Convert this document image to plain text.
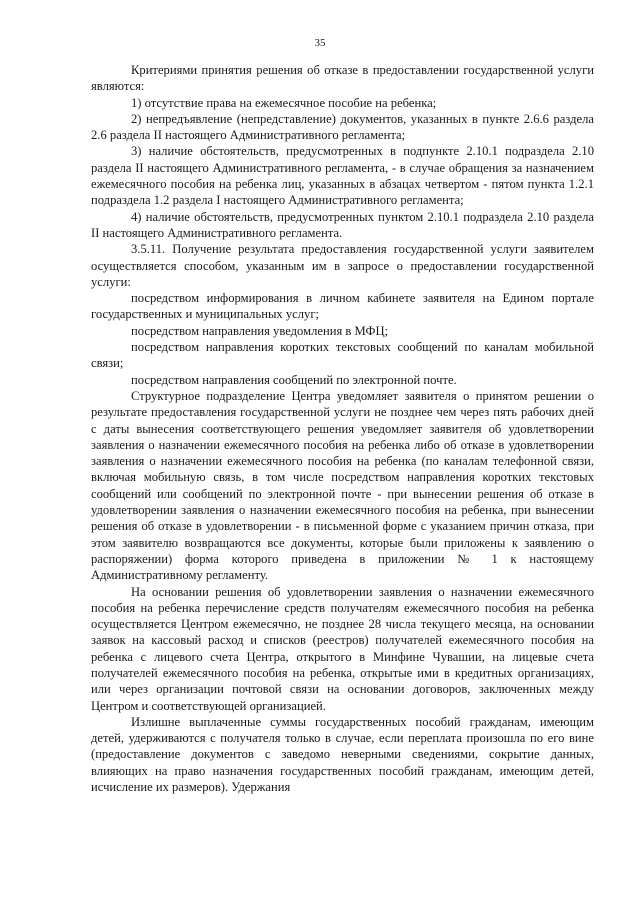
35

Критериями принятия решения об отказе в предоставлении государственной услуги являются:

1) отсутствие права на ежемесячное пособие на ребенка;

2) непредъявление (непредставление) документов, указанных в пункте 2.6.6 раздела 2.6 раздела II настоящего Административного регламента;

3) наличие обстоятельств, предусмотренных в подпункте 2.10.1 подраздела 2.10 раздела II настоящего Административного регламента, - в случае обращения за назначением ежемесячного пособия на ребенка лиц, указанных в абзацах четвертом - пятом пункта 1.2.1 подраздела 1.2 раздела I настоящего Административного регламента;

4) наличие обстоятельств, предусмотренных пунктом 2.10.1 подраздела 2.10 раздела II настоящего Административного регламента.

3.5.11. Получение результата предоставления государственной услуги заявителем осуществляется способом, указанным им в запросе о предоставлении государственной услуги:

посредством информирования в личном кабинете заявителя на Едином портале государственных и муниципальных услуг;

посредством направления уведомления в МФЦ;

посредством направления коротких текстовых сообщений по каналам мобильной связи;

посредством направления сообщений по электронной почте.

Структурное подразделение Центра уведомляет заявителя о принятом решении о результате предоставления государственной услуги не позднее чем через пять рабочих дней с даты вынесения соответствующего решения уведомляет заявителя об удовлетворении заявления о назначении ежемесячного пособия на ребенка либо об отказе в удовлетворении заявления о назначении ежемесячного пособия на ребенка (по каналам телефонной связи, включая мобильную связь, в том числе посредством направления коротких текстовых сообщений или сообщений по электронной почте - при вынесении решения об отказе в удовлетворении заявления о назначении ежемесячного пособия на ребенка, при вынесении решения об отказе в удовлетворении - в письменной форме с указанием причин отказа, при этом заявителю возвращаются все документы, которые были приложены к заявлению о распоряжении) форма которого приведена в приложении № 1 к настоящему Административному регламенту.

На основании решения об удовлетворении заявления о назначении ежемесячного пособия на ребенка перечисление средств получателям ежемесячного пособия на ребенка осуществляется Центром ежемесячно, не позднее 28 числа текущего месяца, на основании заявок на кассовый расход и списков (реестров) получателей ежемесячного пособия на ребенка с лицевого счета Центра, открытого в Минфине Чувашии, на лицевые счета получателей ежемесячного пособия на ребенка, открытые ими в кредитных организациях, или через организации почтовой связи на основании договоров, заключенных между Центром и соответствующей организацией.

Излишне выплаченные суммы государственных пособий гражданам, имеющим детей, удерживаются с получателя только в случае, если переплата произошла по его вине (предоставление документов с заведомо неверными сведениями, сокрытие данных, влияющих на право назначения государственных пособий гражданам, имеющим детей, исчисление их размеров). Удержания
